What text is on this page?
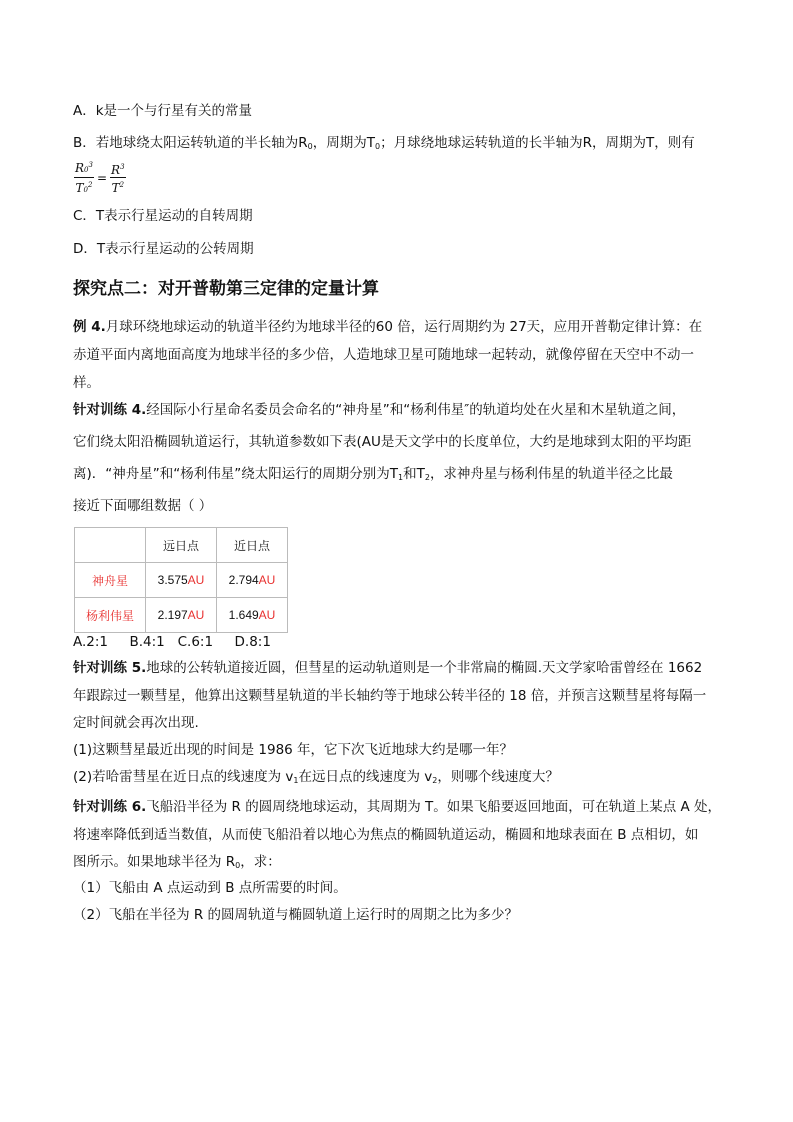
A．k是一个与行星有关的常量
B．若地球绕太阳运转轨道的半长轴为$R_0$，周期为$T_0$；月球绕地球运转轨道的长半轴为R，周期为T，则有
$\frac{R0^3}{T0^2} = \frac{R^3}{T^2}$
C．T表示行星运动的自转周期
D．T表示行星运动的公转周期
探究点二：对开普勒第三定律的定量计算
例 4.月球环绕地球运动的轨道半径约为地球半径的60 倍，运行周期约为 27天，应用开普勒定律计算：在
赤道平面内离地面高度为地球半径的多少倍，人造地球卫星可随地球一起转动，就像停留在天空中不动一
样。
针对训练 4.经国际小行星命名委员会命名的“神舟星”和“杨利伟星″的轨道均处在火星和木星轨道之间，
它们绕太阳沿椭圆轨道运行，其轨道参数如下表(AU是天文学中的长度单位，大约是地球到太阳的平均距
离)．“神舟星”和“杨利伟星”绕太阳运行的周期分别为$T_1$和$T_2$，求神舟星与杨利伟星的轨道半径之比最
接近下面哪组数据（ ）
	远日点	近日点
神舟星	3.575AU	2.794AU
杨利伟星	2.197AU	1.649AU
A.2:1     B.4:1   C.6:1     D.8:1
针对训练 5.地球的公转轨道接近圆，但彗星的运动轨道则是一个非常扁的椭圆.天文学家哈雷曾经在 1662
年跟踪过一颗彗星，他算出这颗彗星轨道的半长轴约等于地球公转半径的 18 倍，并预言这颗彗星将每隔一
定时间就会再次出现.
(1)这颗彗星最近出现的时间是 1986 年，它下次飞近地球大约是哪一年？
(2)若哈雷彗星在近日点的线速度为 $v_1$在远日点的线速度为 $v_2$，则哪个线速度大？
针对训练 6.飞船沿半径为 R 的圆周绕地球运动，其周期为 T。如果飞船要返回地面，可在轨道上某点 A 处，
将速率降低到适当数值，从而使飞船沿着以地心为焦点的椭圆轨道运动，椭圆和地球表面在 B 点相切，如
图所示。如果地球半径为 $R_0$，求：
（1）飞船由 A 点运动到 B 点所需要的时间。
（2）飞船在半径为 R 的圆周轨道与椭圆轨道上运行时的周期之比为多少？
